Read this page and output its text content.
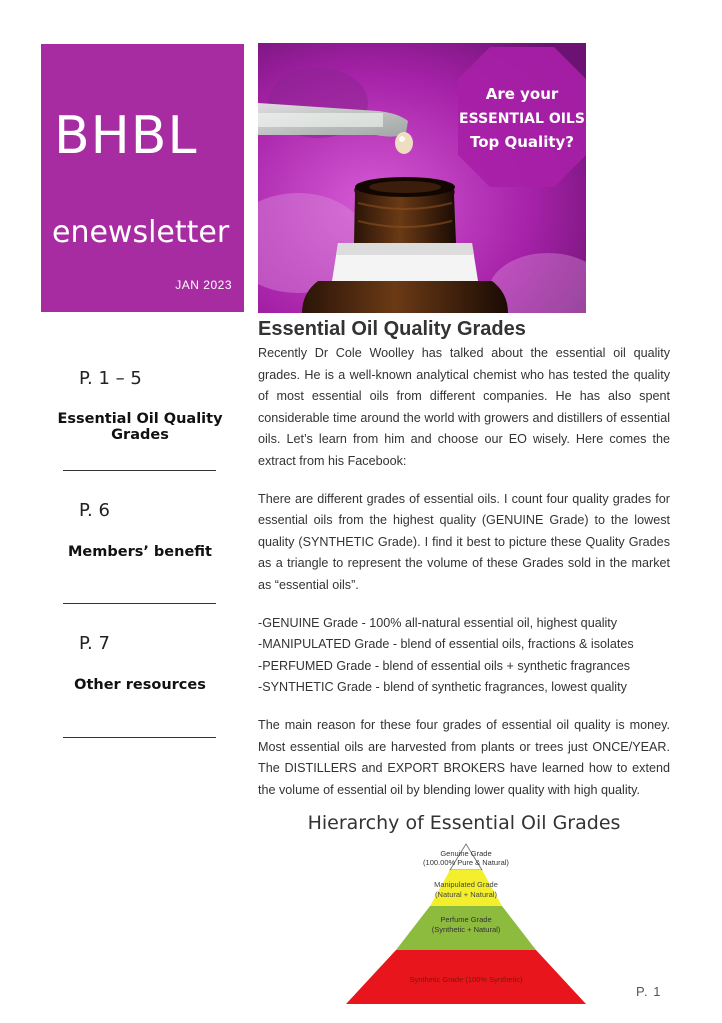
BHBL
enewsletter
JAN 2023
Are your
ESSENTIAL OILS
Top Quality?
P. 1 – 5
Essential Oil Quality Grades
P. 6
Members’ benefit
P. 7
Other resources
Essential Oil Quality Grades

Recently Dr Cole Woolley has talked about the essential oil quality grades. He is a well-known analytical chemist who has tested the quality of most essential oils from different companies. He has also spent considerable time around the world with growers and distillers of essential oils. Let’s learn from him and choose our EO wisely. Here comes the extract from his Facebook:

There are different grades of essential oils. I count four quality grades for essential oils from the highest quality (GENUINE Grade) to the lowest quality (SYNTHETIC Grade). I find it best to picture these Quality Grades as a triangle to represent the volume of these Grades sold in the market as “essential oils”.

-GENUINE Grade - 100% all-natural essential oil, highest quality
-MANIPULATED Grade - blend of essential oils, fractions & isolates
-PERFUMED Grade - blend of essential oils + synthetic fragrances
-SYNTHETIC Grade - blend of synthetic fragrances, lowest quality

The main reason for these four grades of essential oil quality is money. Most essential oils are harvested from plants or trees just ONCE/YEAR. The DISTILLERS and EXPORT BROKERS have learned how to extend the volume of essential oil by blending lower quality with high quality.

Hierarchy of Essential Oil Grades
Genuine Grade
(100.00% Pure & Natural)
Manipulated Grade
(Natural + Natural)
Perfume Grade
(Synthetic + Natural)
Synthetic Grade (100% Synthetic)
P. 1
